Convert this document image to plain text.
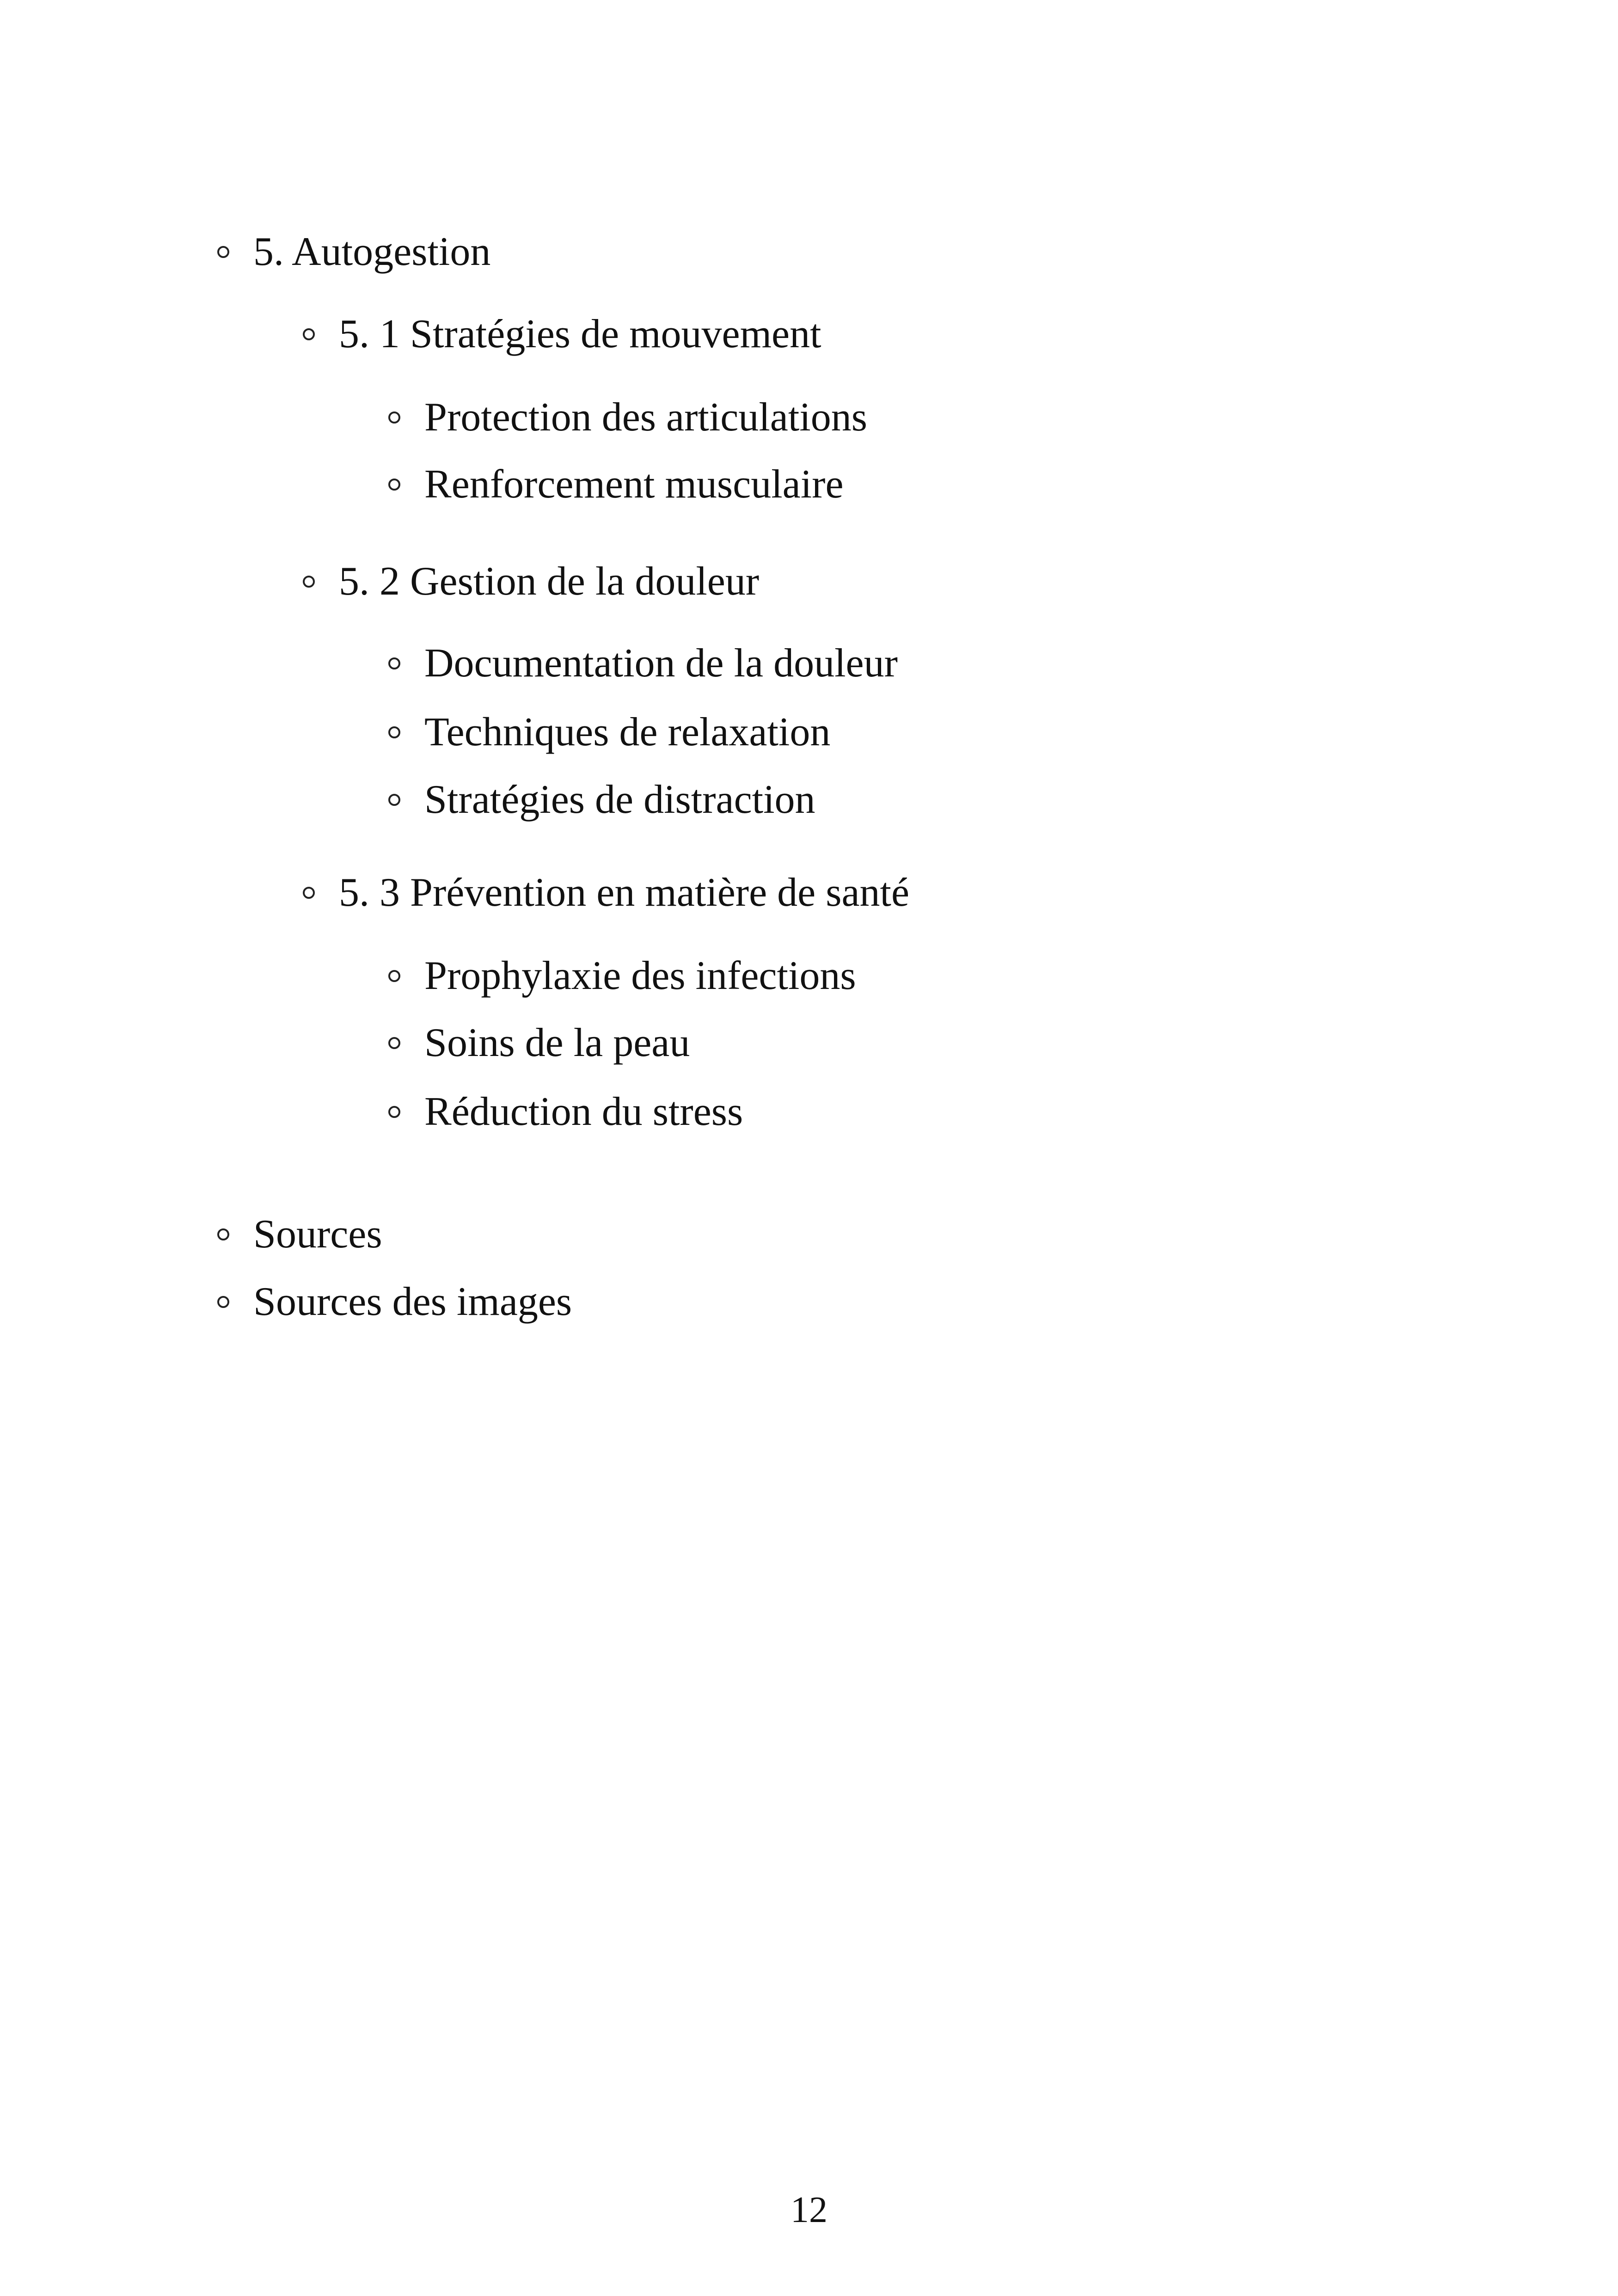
5. Autogestion
5. 1 Stratégies de mouvement
Protection des articulations
Renforcement musculaire
5. 2 Gestion de la douleur
Documentation de la douleur
Techniques de relaxation
Stratégies de distraction
5. 3 Prévention en matière de santé
Prophylaxie des infections
Soins de la peau
Réduction du stress
Sources
Sources des images
12
